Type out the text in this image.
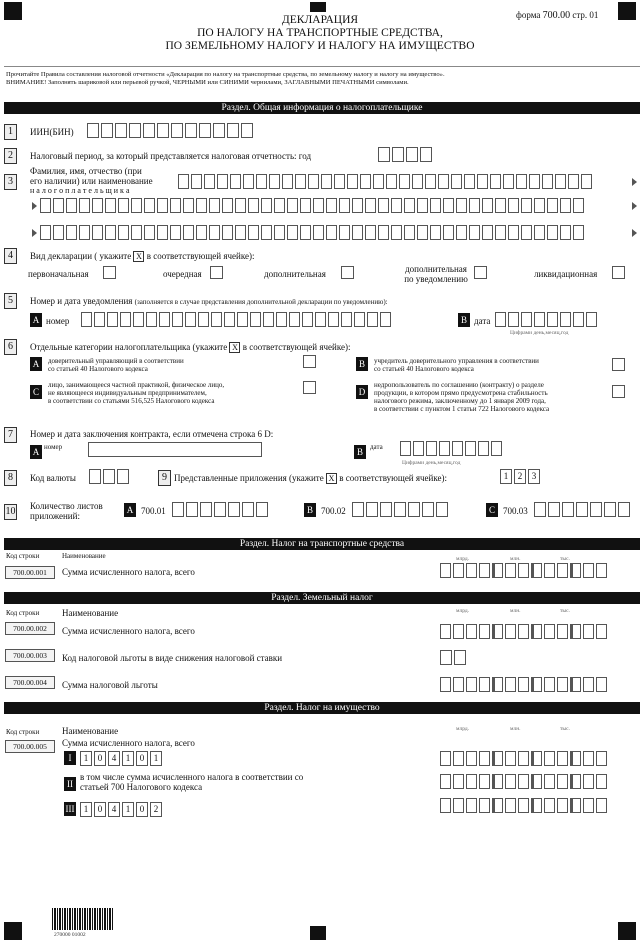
форма 700.00 стр. 01
ДЕКЛАРАЦИЯ
ПО НАЛОГУ НА ТРАНСПОРТНЫЕ СРЕДСТВА,
ПО ЗЕМЕЛЬНОМУ НАЛОГУ И НАЛОГУ НА ИМУЩЕСТВО
Прочитайте Правила составления налоговой отчетности «Декларация по налогу на транспортные средства, по земельному налогу и налогу на имущество».
ВНИМАНИЕ! Заполнять шариковой или перьевой ручкой, ЧЕРНЫМИ или СИНИМИ чернилами, ЗАГЛАВНЫМИ ПЕЧАТНЫМИ символами.
Раздел. Общая информация о налогоплательщике
1	ИИН(БИН)
2	Налоговый период, за который представляется налоговая отчетность: год
3
Фамилия, имя, отчество (при
его наличии) или наименование
н а л о г о п л а т е л ь щ и к а
4	Вид декларации ( укажите X в соответствующей ячейке):
первоначальная	очередная	дополнительная	дополнительная
по уведомлению	ликвидационная
5	Номер и дата уведомления (заполняется в случае представления дополнительной декларации по уведомлению):
A номер	B дата
Цифрами день,месяц,год
6	Отдельные категории налогоплательщика (укажите X в соответствующей ячейке):
A	доверительный управляющий в соответствии
со статьей 40 Налогового кодекса	B	учредитель доверительного управления в соответствии
со статьей 40 Налогового кодекса
C
лицо, занимающееся частной практикой, физическое лицо,
не являющееся индивидуальным предпринимателем,
в соответствии со статьями 516,525 Налогового кодекса
D
недропользователь по соглашению (контракту) о разделе
продукции, в котором прямо предусмотрена стабильность
налогового режима, заключенному до 1 января 2009 года,
в соответствии с пунктом 1 статьи 722 Налогового кодекса
7	Номер и дата заключения контракта, если отмечена строка 6 D:
A номер	B	дата
Цифрами день,месяц,год
8	Код валюты	9 Представленные приложения (укажите X в соответствующей ячейке):	1	2	3
10 Количество листов
приложений:
A 700.01	B 700.02	C 700.03
Раздел. Налог на транспортные средства
Код строки	Наименование	млрд.	млн.	тыс.
700.00.001	Сумма исчисленного налога, всего
Раздел. Земельный налог
Код строки	Наименование	млрд.	млн.	тыс.
700.00.002	Сумма исчисленного налога, всего
700.00.003	Код налоговой льготы в виде снижения налоговой ставки
700.00.004	Сумма налоговой льготы
Раздел. Налог на имущество
Код строки	Наименование	млрд.	млн.	тыс.
700.00.005	Сумма исчисленного налога, всего
I	1	0	4	1	0	1
II
в том числе сумма исчисленного налога в соответствии со
статьей 700 Налогового кодекса
III	1	0	4	1	0	2
270000 01002
